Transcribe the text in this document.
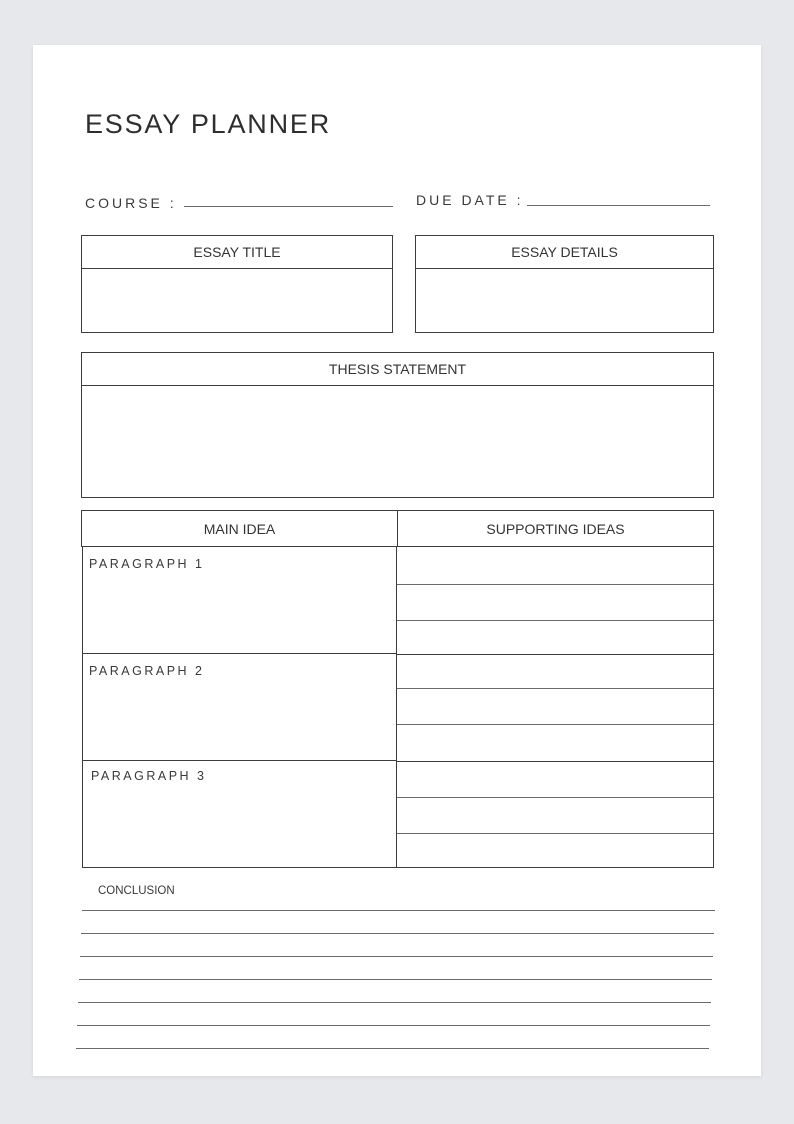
ESSAY PLANNER
COURSE :	DUE DATE :
ESSAY TITLE	ESSAY DETAILS
THESIS STATEMENT
MAIN IDEA	SUPPORTING IDEAS
PARAGRAPH 1
PARAGRAPH 2
PARAGRAPH 3
CONCLUSION
